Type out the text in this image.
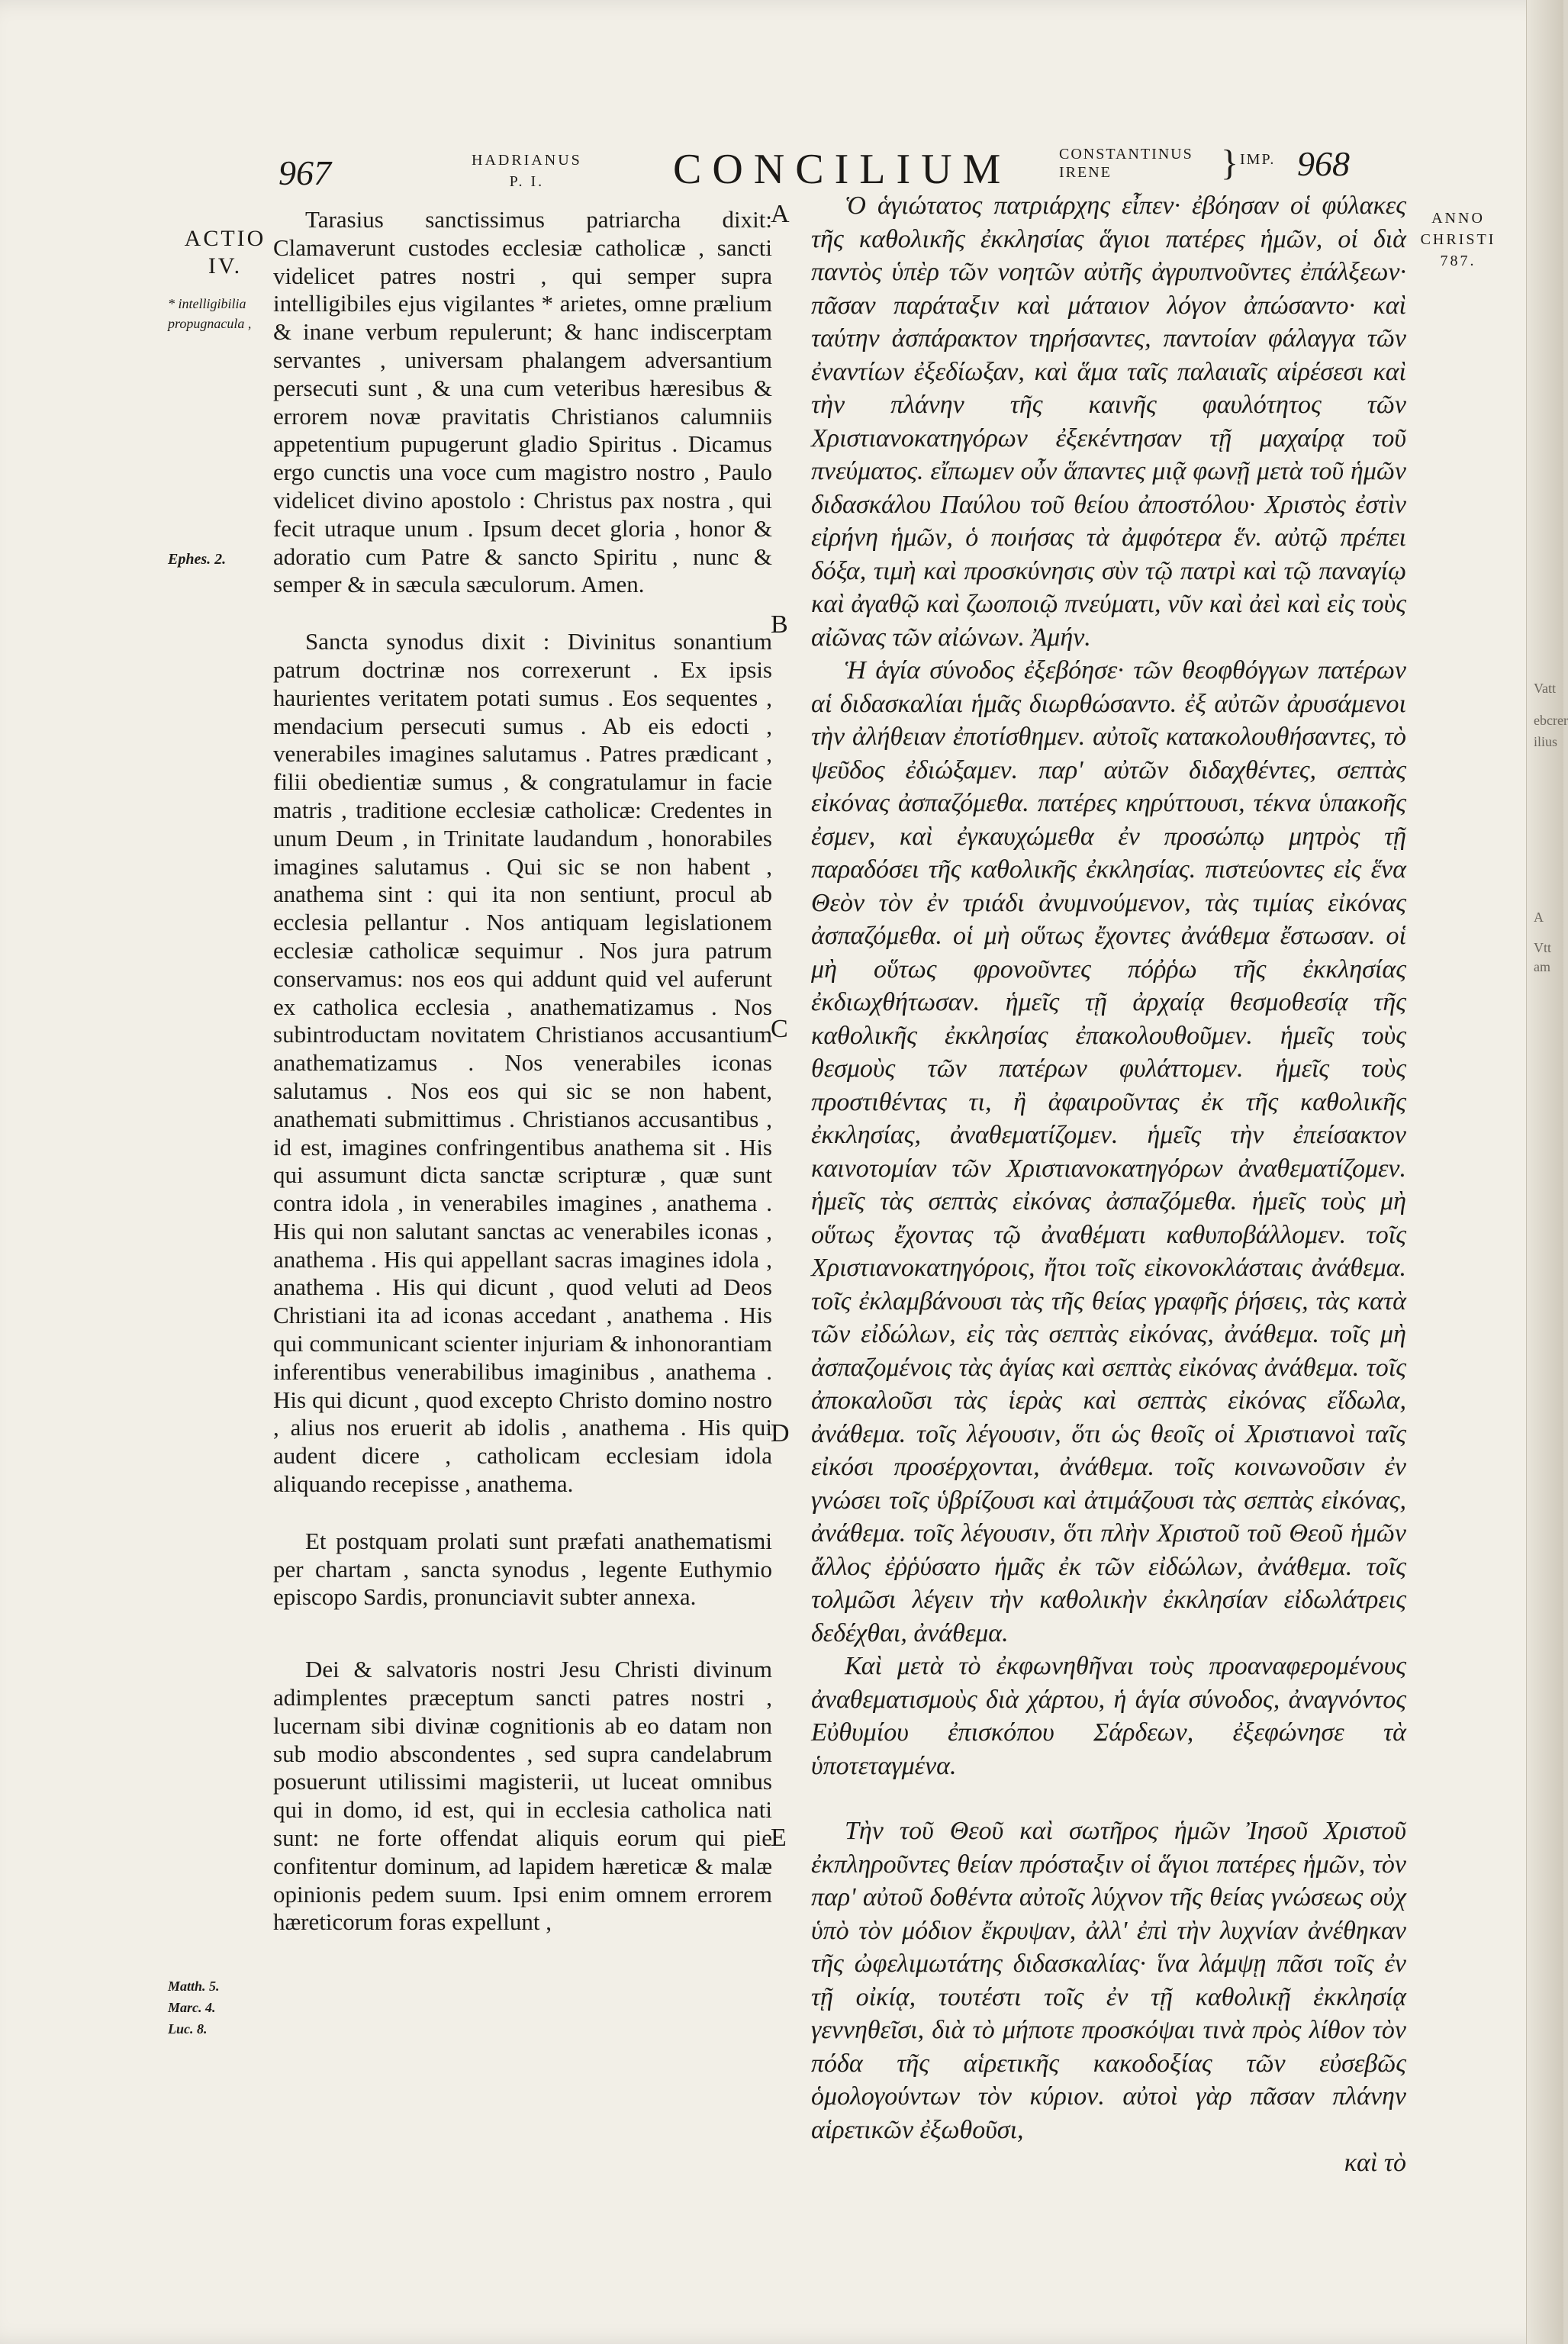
967	HADRIANUS
P. I.	CONCILIUM	CONSTANTINUS
IRENE	} IMP. 968
ACTIO IV.
* intelligibilia propugnacula ,
Ephes. 2.
Matth. 5.
Marc. 4.
Luc. 8.
ANNO
CHRISTI
787.
A
B
C
D
E

Tarasius sanctissimus patriarcha dixit: Clamaverunt custodes ecclesiæ catholicæ , sancti videlicet patres nostri , qui semper supra intelligibiles ejus vigilantes * arietes, omne prælium & inane verbum repulerunt; & hanc indiscerptam servantes , universam phalangem adversantium persecuti sunt , & una cum veteribus hæresibus & errorem novæ pravitatis Christianos calumniis appetentium pupugerunt gladio Spiritus . Dicamus ergo cunctis una voce cum magistro nostro , Paulo videlicet divino apostolo : Christus pax nostra , qui fecit utraque unum . Ipsum decet gloria , honor & adoratio cum Patre & sancto Spiritu , nunc & semper & in sæcula sæculorum. Amen.

Sancta synodus dixit : Divinitus sonantium patrum doctrinæ nos correxerunt . Ex ipsis haurientes veritatem potati sumus . Eos sequentes , mendacium persecuti sumus . Ab eis edocti , venerabiles imagines salutamus . Patres prædicant , filii obedientiæ sumus , & congratulamur in facie matris , traditione ecclesiæ catholicæ: Credentes in unum Deum , in Trinitate laudandum , honorabiles imagines salutamus . Qui sic se non habent , anathema sint : qui ita non sentiunt, procul ab ecclesia pellantur . Nos antiquam legislationem ecclesiæ catholicæ sequimur . Nos jura patrum conservamus: nos eos qui addunt quid vel auferunt ex catholica ecclesia , anathematizamus . Nos subintroductam novitatem Christianos accusantium anathematizamus . Nos venerabiles iconas salutamus . Nos eos qui sic se non habent, anathemati submittimus . Christianos accusantibus , id est, imagines confringentibus anathema sit . His qui assumunt dicta sanctæ scripturæ , quæ sunt contra idola , in venerabiles imagines , anathema . His qui non salutant sanctas ac venerabiles iconas , anathema . His qui appellant sacras imagines idola , anathema . His qui dicunt , quod veluti ad Deos Christiani ita ad iconas accedant , anathema . His qui communicant scienter injuriam & inhonorantiam inferentibus venerabilibus imaginibus , anathema . His qui dicunt , quod excepto Christo domino nostro , alius nos eruerit ab idolis , anathema . His qui audent dicere , catholicam ecclesiam idola aliquando recepisse , anathema.

Et postquam prolati sunt præfati anathematismi per chartam , sancta synodus , legente Euthymio episcopo Sardis, pronunciavit subter annexa.

Dei & salvatoris nostri Jesu Christi divinum adimplentes præceptum sancti patres nostri , lucernam sibi divinæ cognitionis ab eo datam non sub modio abscondentes , sed supra candelabrum posuerunt utilissimi magisterii, ut luceat omnibus qui in domo, id est, qui in ecclesia catholica nati sunt: ne forte offendat aliquis eorum qui pie confitentur dominum, ad lapidem hæreticæ & malæ opinionis pedem suum. Ipsi enim omnem errorem hæreticorum foras expellunt ,

Ὁ ἁγιώτατος πατριάρχης εἶπεν· ἐβόησαν οἱ φύλακες τῆς καθολικῆς ἐκκλησίας ἅγιοι πατέρες ἡμῶν, οἱ διὰ παντὸς ὑπὲρ τῶν νοητῶν αὐτῆς ἀγρυπνοῦντες ἐπάλξεων· πᾶσαν παράταξιν καὶ μάταιον λόγον ἀπώσαντο· καὶ ταύτην ἀσπάρακτον τηρήσαντες, παντοίαν φάλαγγα τῶν ἐναντίων ἐξεδίωξαν, καὶ ἅμα ταῖς παλαιαῖς αἱρέσεσι καὶ τὴν πλάνην τῆς καινῆς φαυλότητος τῶν Χριστιανοκατηγόρων ἐξεκέντησαν τῇ μαχαίρᾳ τοῦ πνεύματος. εἴπωμεν οὖν ἅπαντες μιᾷ φωνῇ μετὰ τοῦ ἡμῶν διδασκάλου Παύλου τοῦ θείου ἀποστόλου· Χριστὸς ἐστὶν εἰρήνη ἡμῶν, ὁ ποιήσας τὰ ἀμφότερα ἕν. αὐτῷ πρέπει δόξα, τιμὴ καὶ προσκύνησις σὺν τῷ πατρὶ καὶ τῷ παναγίῳ καὶ ἀγαθῷ καὶ ζωοποιῷ πνεύματι, νῦν καὶ ἀεὶ καὶ εἰς τοὺς αἰῶνας τῶν αἰώνων. Ἀμήν.

Ἡ ἁγία σύνοδος ἐξεβόησε· τῶν θεοφθόγγων πατέρων αἱ διδασκαλίαι ἡμᾶς διωρθώσαντο. ἐξ αὐτῶν ἀρυσάμενοι τὴν ἀλήθειαν ἐποτίσθημεν. αὐτοῖς κατακολουθήσαντες, τὸ ψεῦδος ἐδιώξαμεν. παρ' αὐτῶν διδαχθέντες, σεπτὰς εἰκόνας ἀσπαζόμεθα. πατέρες κηρύττουσι, τέκνα ὑπακοῆς ἐσμεν, καὶ ἐγκαυχώμεθα ἐν προσώπῳ μητρὸς τῇ παραδόσει τῆς καθολικῆς ἐκκλησίας. πιστεύοντες εἰς ἕνα Θεὸν τὸν ἐν τριάδι ἀνυμνούμενον, τὰς τιμίας εἰκόνας ἀσπαζόμεθα. οἱ μὴ οὕτως ἔχοντες ἀνάθεμα ἔστωσαν. οἱ μὴ οὕτως φρονοῦντες πόῤῥω τῆς ἐκκλησίας ἐκδιωχθήτωσαν. ἡμεῖς τῇ ἀρχαίᾳ θεσμοθεσίᾳ τῆς καθολικῆς ἐκκλησίας ἐπακολουθοῦμεν. ἡμεῖς τοὺς θεσμοὺς τῶν πατέρων φυλάττομεν. ἡμεῖς τοὺς προστιθέντας τι, ἢ ἀφαιροῦντας ἐκ τῆς καθολικῆς ἐκκλησίας, ἀναθεματίζομεν. ἡμεῖς τὴν ἐπείσακτον καινοτομίαν τῶν Χριστιανοκατηγόρων ἀναθεματίζομεν. ἡμεῖς τὰς σεπτὰς εἰκόνας ἀσπαζόμεθα. ἡμεῖς τοὺς μὴ οὕτως ἔχοντας τῷ ἀναθέματι καθυποβάλλομεν. τοῖς Χριστιανοκατηγόροις, ἤτοι τοῖς εἰκονοκλάσταις ἀνάθεμα. τοῖς ἐκλαμβάνουσι τὰς τῆς θείας γραφῆς ῥήσεις, τὰς κατὰ τῶν εἰδώλων, εἰς τὰς σεπτὰς εἰκόνας, ἀνάθεμα. τοῖς μὴ ἀσπαζομένοις τὰς ἁγίας καὶ σεπτὰς εἰκόνας ἀνάθεμα. τοῖς ἀποκαλοῦσι τὰς ἱερὰς καὶ σεπτὰς εἰκόνας εἴδωλα, ἀνάθεμα. τοῖς λέγουσιν, ὅτι ὡς θεοῖς οἱ Χριστιανοὶ ταῖς εἰκόσι προσέρχονται, ἀνάθεμα. τοῖς κοινωνοῦσιν ἐν γνώσει τοῖς ὑβρίζουσι καὶ ἀτιμάζουσι τὰς σεπτὰς εἰκόνας, ἀνάθεμα. τοῖς λέγουσιν, ὅτι πλὴν Χριστοῦ τοῦ Θεοῦ ἡμῶν ἄλλος ἐῤῥύσατο ἡμᾶς ἐκ τῶν εἰδώλων, ἀνάθεμα. τοῖς τολμῶσι λέγειν τὴν καθολικὴν ἐκκλησίαν εἰδωλάτρεις δεδέχθαι, ἀνάθεμα.

Καὶ μετὰ τὸ ἐκφωνηθῆναι τοὺς προαναφερομένους ἀναθεματισμοὺς διὰ χάρτου, ἡ ἁγία σύνοδος, ἀναγνόντος Εὐθυμίου ἐπισκόπου Σάρδεων, ἐξεφώνησε τὰ ὑποτεταγμένα.

Τὴν τοῦ Θεοῦ καὶ σωτῆρος ἡμῶν Ἰησοῦ Χριστοῦ ἐκπληροῦντες θείαν πρόσταξιν οἱ ἅγιοι πατέρες ἡμῶν, τὸν παρ' αὐτοῦ δοθέντα αὐτοῖς λύχνον τῆς θείας γνώσεως οὐχ ὑπὸ τὸν μόδιον ἔκρυψαν, ἀλλ' ἐπὶ τὴν λυχνίαν ἀνέθηκαν τῆς ὠφελιμωτάτης διδασκαλίας· ἵνα λάμψῃ πᾶσι τοῖς ἐν τῇ οἰκίᾳ, τουτέστι τοῖς ἐν τῇ καθολικῇ ἐκκλησίᾳ γεννηθεῖσι, διὰ τὸ μήποτε προσκόψαι τινὰ πρὸς λίθον τὸν πόδα τῆς αἱρετικῆς κακοδοξίας τῶν εὐσεβῶς ὁμολογούντων τὸν κύριον. αὐτοὶ γὰρ πᾶσαν πλάνην αἱρετικῶν ἐξωθοῦσι,

καὶ τὸ

Vatt
ebcrer
ilius
A
Vtt
am
